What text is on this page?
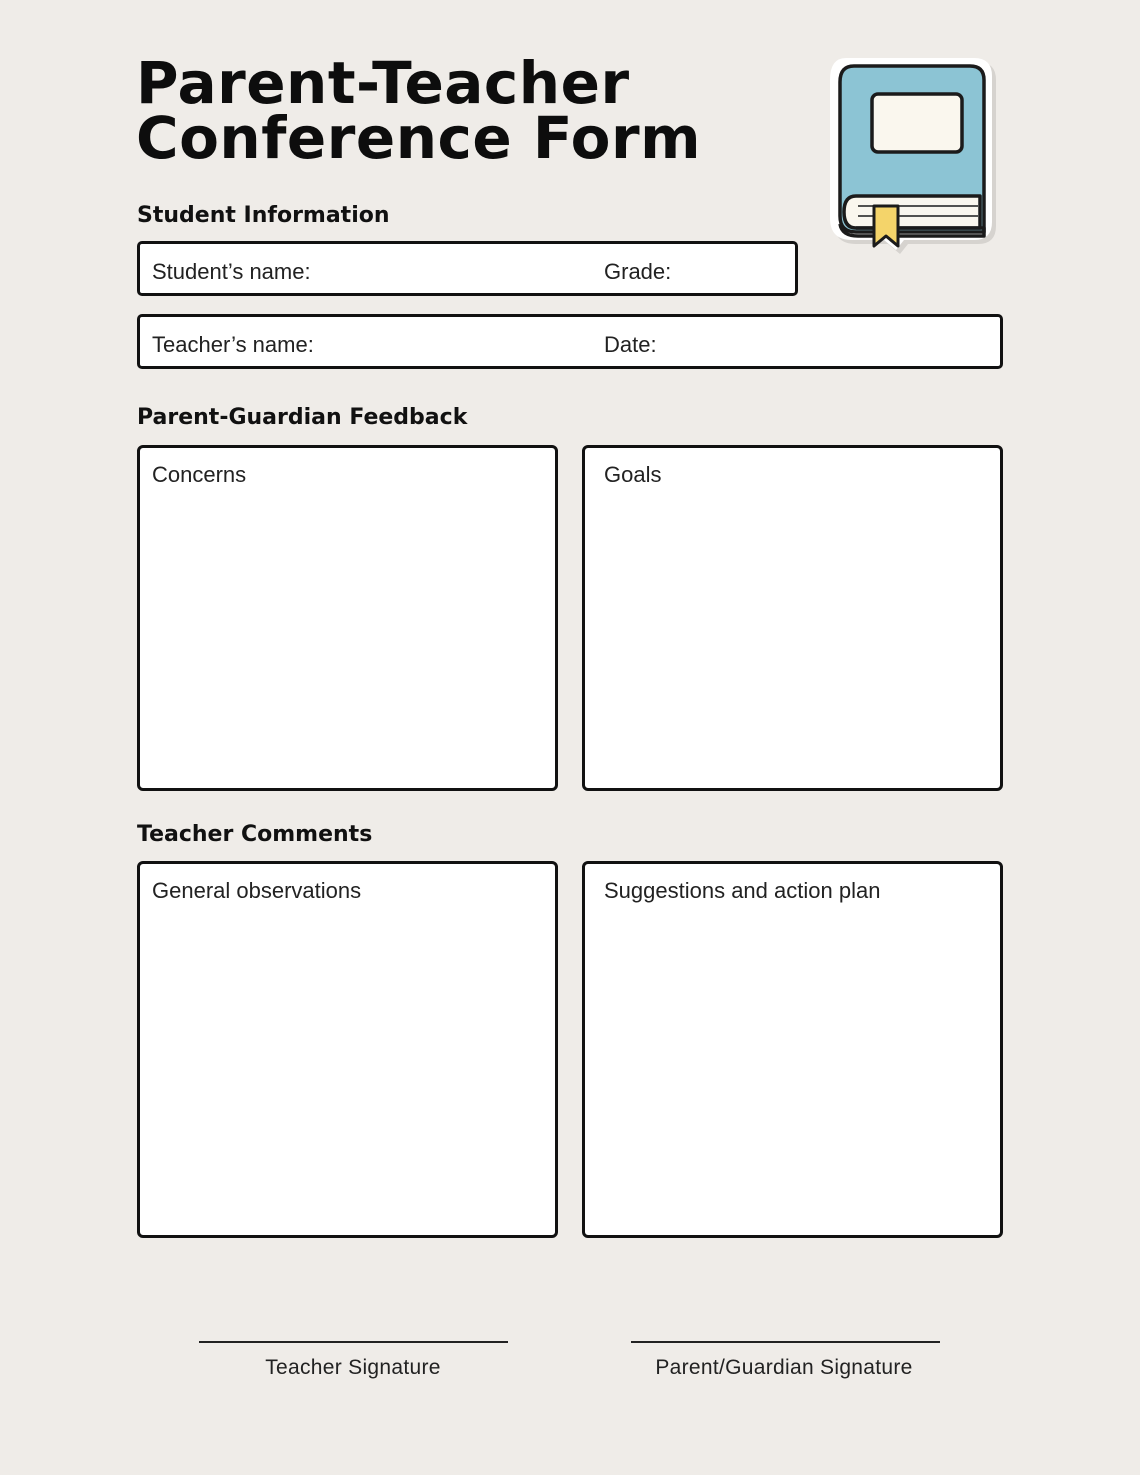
Parent-Teacher
Conference Form
Student Information
Student’s name:	Grade:
Teacher’s name:	Date:
Parent-Guardian Feedback
Concerns	Goals
Teacher Comments
General observations	Suggestions and action plan
Teacher Signature	Parent/Guardian Signature
